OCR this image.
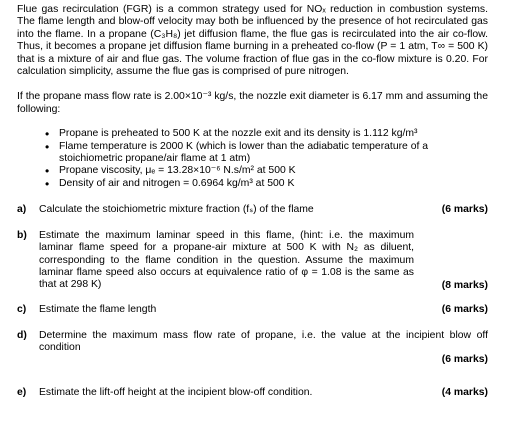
Flue gas recirculation (FGR) is a common strategy used for NOₓ reduction in combustion systems. The flame length and blow-off velocity may both be influenced by the presence of hot recirculated gas into the flame. In a propane (C₃H₈) jet diffusion flame, the flue gas is recirculated into the air co-flow. Thus, it becomes a propane jet diffusion flame burning in a preheated co-flow (P = 1 atm, T∞ = 500 K) that is a mixture of air and flue gas. The volume fraction of flue gas in the co-flow mixture is 0.20. For calculation simplicity, assume the flue gas is comprised of pure nitrogen.

If the propane mass flow rate is 2.00×10⁻³ kg/s, the nozzle exit diameter is 6.17 mm and assuming the following:

• Propane is preheated to 500 K at the nozzle exit and its density is 1.112 kg/m³
• Flame temperature is 2000 K (which is lower than the adiabatic temperature of a stoichiometric propane/air flame at 1 atm)
• Propane viscosity, μₑ = 13.28×10⁻⁶ N.s/m² at 500 K
• Density of air and nitrogen = 0.6964 kg/m³ at 500 K
a)	Calculate the stoichiometric mixture fraction (fₛ) of the flame	(6 marks)
b)	Estimate the maximum laminar speed in this flame, (hint: i.e. the maximum laminar flame speed for a propane-air mixture at 500 K with N₂ as diluent, corresponding to the flame condition in the question. Assume the maximum laminar flame speed also occurs at equivalence ratio of φ = 1.08 is the same as that at 298 K)	(8 marks)
c)	Estimate the flame length	(6 marks)
d)	Determine the maximum mass flow rate of propane, i.e. the value at the incipient blow off condition

(6 marks)
e)	Estimate the lift-off height at the incipient blow-off condition.	(4 marks)
